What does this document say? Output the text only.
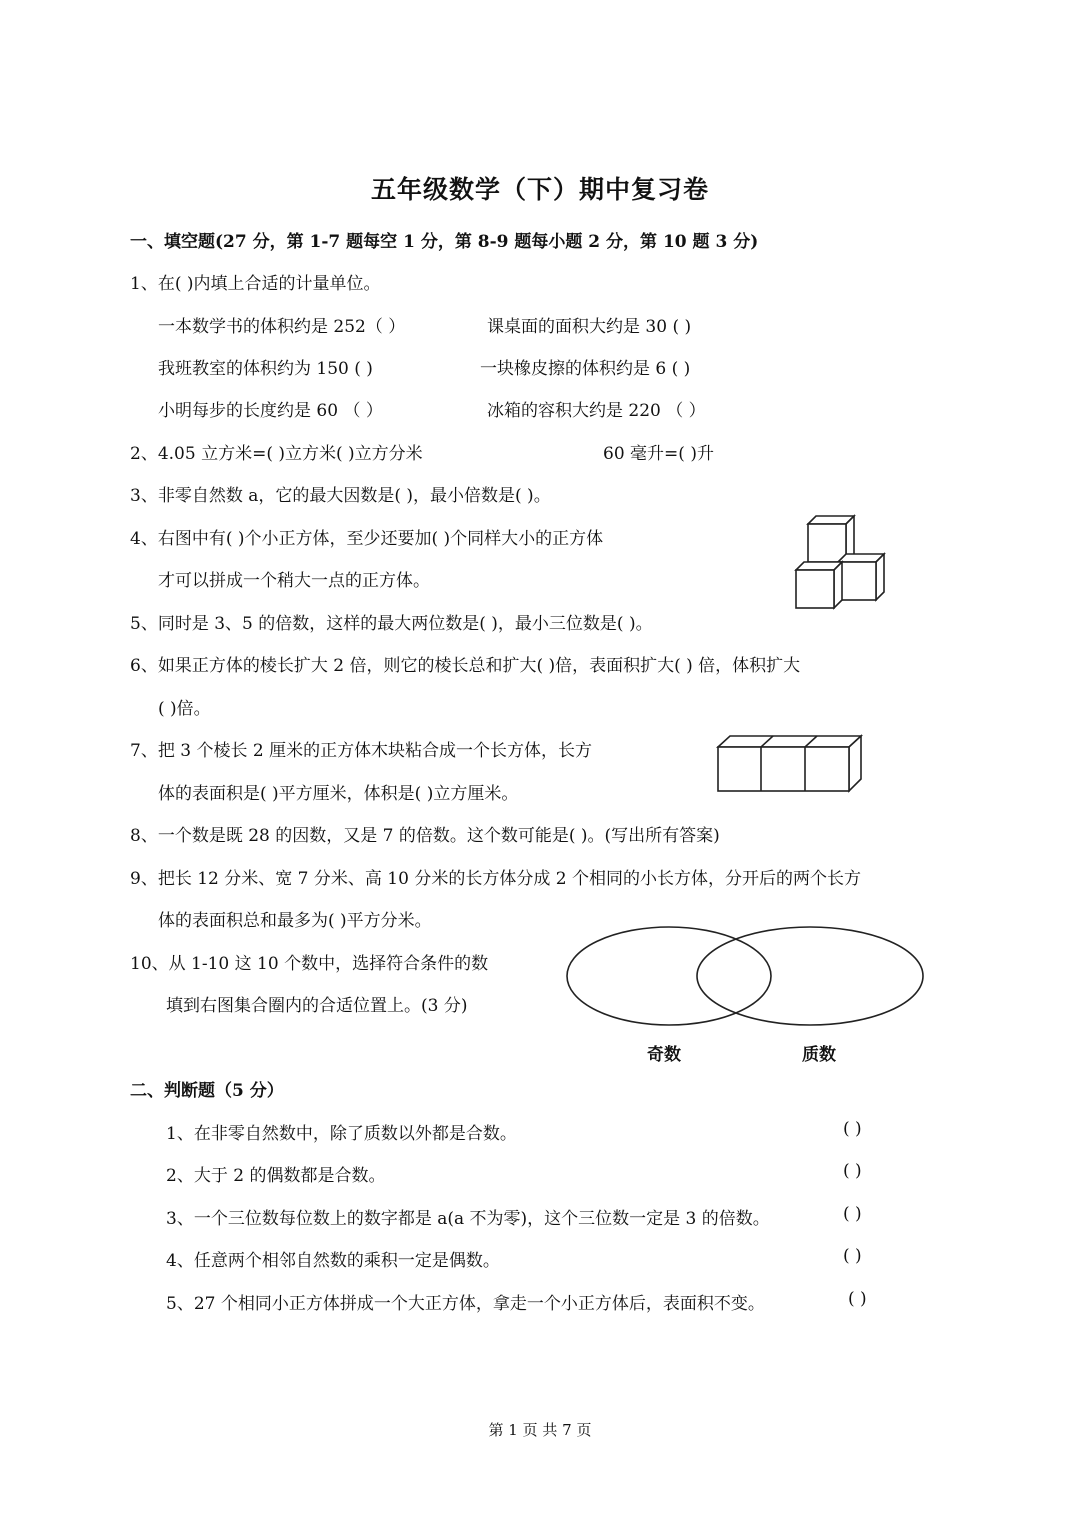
五年级数学（下）期中复习卷
一、填空题(27 分，第 1-7 题每空 1 分，第 8-9 题每小题 2 分，第 10 题 3 分)
1、在( )内填上合适的计量单位。
一本数学书的体积约是 252（ ）	课桌面的面积大约是 30 ( )
我班教室的体积约为 150 ( )	一块橡皮擦的体积约是 6 ( )
小明每步的长度约是 60 （ ）	冰箱的容积大约是 220 （ ）
2、4.05 立方米=( )立方米( )立方分米	60 毫升=( )升
3、非零自然数 a，它的最大因数是( )，最小倍数是( )。
4、右图中有( )个小正方体，至少还要加( )个同样大小的正方体
才可以拼成一个稍大一点的正方体。
5、同时是 3、5 的倍数，这样的最大两位数是( )，最小三位数是( )。
6、如果正方体的棱长扩大 2 倍，则它的棱长总和扩大( )倍，表面积扩大( ) 倍，体积扩大
( )倍。
7、把 3 个棱长 2 厘米的正方体木块粘合成一个长方体，长方
体的表面积是( )平方厘米，体积是( )立方厘米。
8、一个数是既 28 的因数，又是 7 的倍数。这个数可能是( )。(写出所有答案)
9、把长 12 分米、宽 7 分米、高 10 分米的长方体分成 2 个相同的小长方体，分开后的两个长方
体的表面积总和最多为( )平方分米。
10、从 1-10 这 10 个数中，选择符合条件的数
填到右图集合圈内的合适位置上。(3 分)
奇数	质数
二、判断题（5 分）
1、在非零自然数中，除了质数以外都是合数。	( )
2、大于 2 的偶数都是合数。	( )
3、一个三位数每位数上的数字都是 a(a 不为零)，这个三位数一定是 3 的倍数。	( )
4、任意两个相邻自然数的乘积一定是偶数。	( )
5、27 个相同小正方体拼成一个大正方体，拿走一个小正方体后，表面积不变。	( )
第 1 页 共 7 页
